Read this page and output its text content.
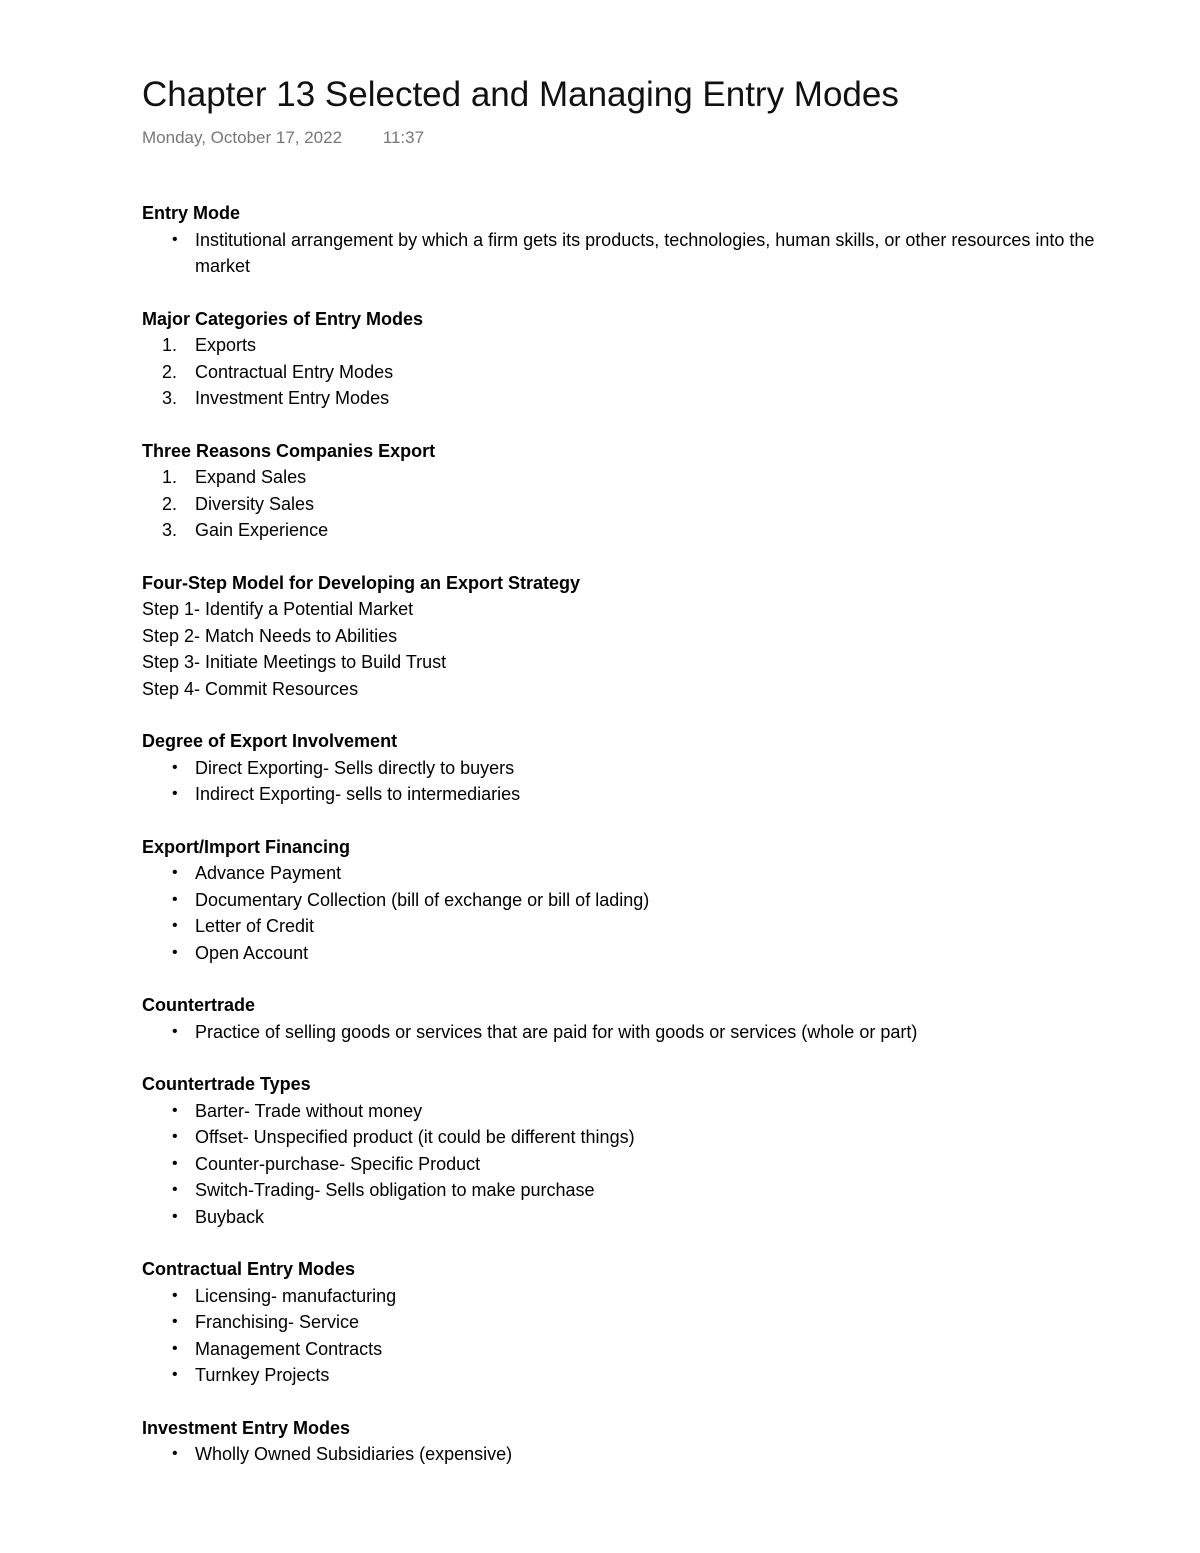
Chapter 13 Selected and Managing Entry Modes
Monday, October 17, 2022 11:37

Entry Mode

• Institutional arrangement by which a firm gets its products, technologies, human skills, or other resources into the market

Major Categories of Entry Modes

1. Exports
2. Contractual Entry Modes
3. Investment Entry Modes

Three Reasons Companies Export

1. Expand Sales
2. Diversity Sales
3. Gain Experience

Four-Step Model for Developing an Export Strategy

Step 1- Identify a Potential Market

Step 2- Match Needs to Abilities

Step 3- Initiate Meetings to Build Trust

Step 4- Commit Resources

Degree of Export Involvement

• Direct Exporting- Sells directly to buyers
• Indirect Exporting- sells to intermediaries

Export/Import Financing

• Advance Payment
• Documentary Collection (bill of exchange or bill of lading)
• Letter of Credit
• Open Account

Countertrade

• Practice of selling goods or services that are paid for with goods or services (whole or part)

Countertrade Types

• Barter- Trade without money
• Offset- Unspecified product (it could be different things)
• Counter-purchase- Specific Product
• Switch-Trading- Sells obligation to make purchase
• Buyback

Contractual Entry Modes

• Licensing- manufacturing
• Franchising- Service
• Management Contracts
• Turnkey Projects

Investment Entry Modes

• Wholly Owned Subsidiaries (expensive)
